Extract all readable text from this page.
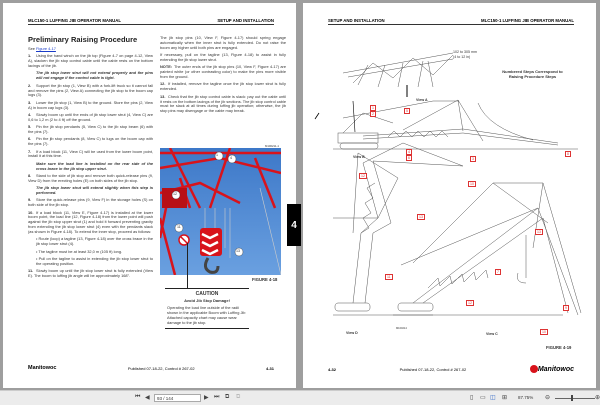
MLC150-1 LUFFING JIB OPERATOR MANUAL	SETUP AND INSTALLATION
Preliminary Raising Procedure

See Figure 4-17

1. Using the hand winch on the jib top (Figure 4-7 on page 4-12, View A), slacken the jib stop control cable until the cable rests on the bottom lacings of the jib.

The jib stop lower strut will not extend properly and the pins will not engage if the control cable is tight.

2. Support the jib stop (1, View B) with a fork-lift truck so it cannot fall and remove the pins (2, View A) connecting the jib stop to the boom cap lugs (3).

3. Lower the jib stop (1, View B) to the ground. Store the pins (2, View A) in boom cap lugs (3).

4. Slowly boom up until the ends of jib stop lower strut (4, View C) are 0,6 to 1,2 m (2 to 4 ft) off the ground.

5. Pin the jib stop pendants (5, View C) to the jib stop beam (6) with the pins (7).

6. Pin the jib stop pendants (8, View C) to lugs on the boom cap with the pins (7).

7. If a load block (11, View C) will be used from the lower boom point, install it at this time.

Make sure the load line is installed on the rear side of the cross brace in the jib stop upper strut.

8. Stand to the side of jib stop and remove both quick-release pins (9, View D) from the erecting holes (E) on both sides of the jib stop.

The jib stop lower strut will extend slightly when this step is performed.

9. Store the quick-release pins (9, View F) in the storage holes (S) on both side of the jib stop.

10. If a load block (11, View E, Figure 4-17) is installed at the lower boom point, the load line (12, Figure 4-18) from the lower point will push against the jib stop upper strut (1) and hold it forward preventing gravity from extending the jib stop lower strut (4) even with the pendants slack (as shown in Figure 4-18). To extend the inner stop, proceed as follows:

• Route (loop) a tagline (13, Figure 4-18) over the cross brace in the jib stop lower strut (4).

• The tagline must be at least 32,0 m (105 ft) long.

• Pull on the tagline to assist in extending the jib stop lower strut to the operating position.

11. Slowly boom up until the jib stop lower strut is fully extended (View E). The boom to luffing jib angle will be approximately 168°.

The jib stop pins (10, View F, Figure 4-17) should spring engage automatically when the inner strut is fully extended. Do not raise the boom any higher until both pins are engaged.

If necessary, pull on the tagline (13, Figure 4-18) to assist in fully extending the jib stop lower strut.

NOTE: The outer ends of the jib stop pins (10, View F, Figure 4-17) are painted white (or other contrasting color) to make the pins more visible from the ground.

12. If installed, remove the tagline once the jib stop lower strut is fully extended.

13. Check that the jib stop control cable is slack: pay out the cable until it rests on the bottom lacings of the jib sections. The jib stop control cable must be slack at all times during luffing jib operation; otherwise, the jib stop pins may disengage or the cable may break.

1
4
12
11
13
M100211-1
FIGURE 4-18
CAUTION
Avoid Jib Stop Damage!
Operating the load line outside of the radii shown in the applicable Boom with Luffing Jib Attached capacity chart may cause wear damage to the jib stop.
Manitowoc	Published 07-18-22, Control # 267-02	4-31
4
SETUP AND INSTALLATION	MLC150-1 LUFFING JIB OPERATOR MANUAL
102 to 305 mm
(4 to 12 in)
Numbered Steps Correspond to Raising Procedure Steps
View A
View B
View C
View D
1
2
5
3
4
6
8
12
10
13
11
7
12
13
9
10
M100214
FIGURE 4-19
4-32	Published 07-18-22, Control # 267-02	Manitowoc
⏮ ◀	93 / 144	▶ ⏭ ⧉ ⧉	▯ ▭ ◫ ⊞ 87.75% ⊖	⊕
